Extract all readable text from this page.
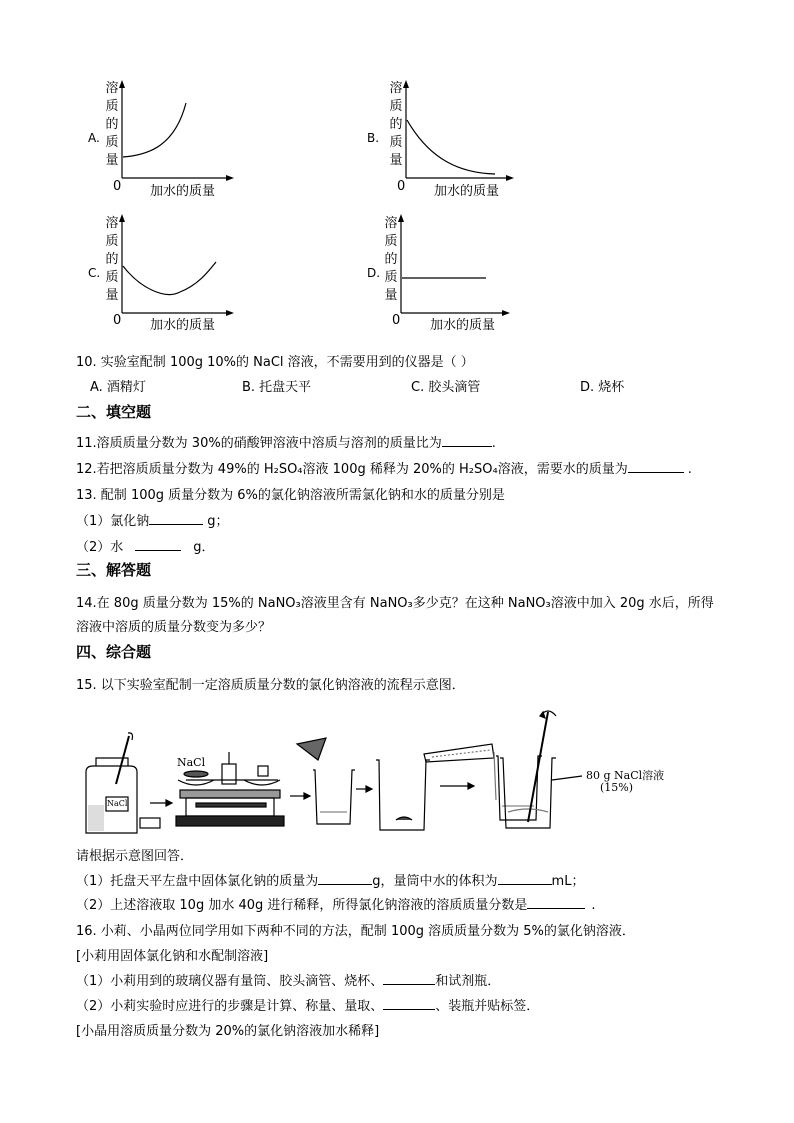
A.
溶
质
的
质
量
0 加水的质量
B.
溶
质
的
质
量
0 加水的质量
C.
溶
质
的
质
量
0 加水的质量
D.
溶
质
的
质
量
0 加水的质量
10. 实验室配制 100g 10%的 NaCl 溶液，不需要用到的仪器是（ ）
A. 酒精灯	B. 托盘天平	C. 胶头滴管	D. 烧杯
二、填空题
11.溶质质量分数为 30%的硝酸钾溶液中溶质与溶剂的质量比为	.
12.若把溶质质量分数为 49%的 H₂SO₄溶液 100g 稀释为 20%的 H₂SO₄溶液，需要水的质量为	.
13. 配制 100g 质量分数为 6%的氯化钠溶液所需氯化钠和水的质量分别是
（1）氯化钠	g；
（2）水	g．
三、解答题
14.在 80g 质量分数为 15%的 NaNO₃溶液里含有 NaNO₃多少克？在这种 NaNO₃溶液中加入 20g 水后，所得
溶液中溶质的质量分数变为多少？
四、综合题
15. 以下实验室配制一定溶质质量分数的氯化钠溶液的流程示意图．
NaCl
NaCl
80 g NaCl溶液
(15%)
请根据示意图回答．
（1）托盘天平左盘中固体氯化钠的质量为	g，量筒中水的体积为	mL；
（2）上述溶液取 10g 加水 40g 进行稀释，所得氯化钠溶液的溶质质量分数是	.
16. 小莉、小晶两位同学用如下两种不同的方法，配制 100g 溶质质量分数为 5%的氯化钠溶液．
[小莉用固体氯化钠和水配制溶液]
（1）小莉用到的玻璃仪器有量筒、胶头滴管、烧杯、	和试剂瓶．
（2）小莉实验时应进行的步骤是计算、称量、量取、	、装瓶并贴标签．
[小晶用溶质质量分数为 20%的氯化钠溶液加水稀释]
